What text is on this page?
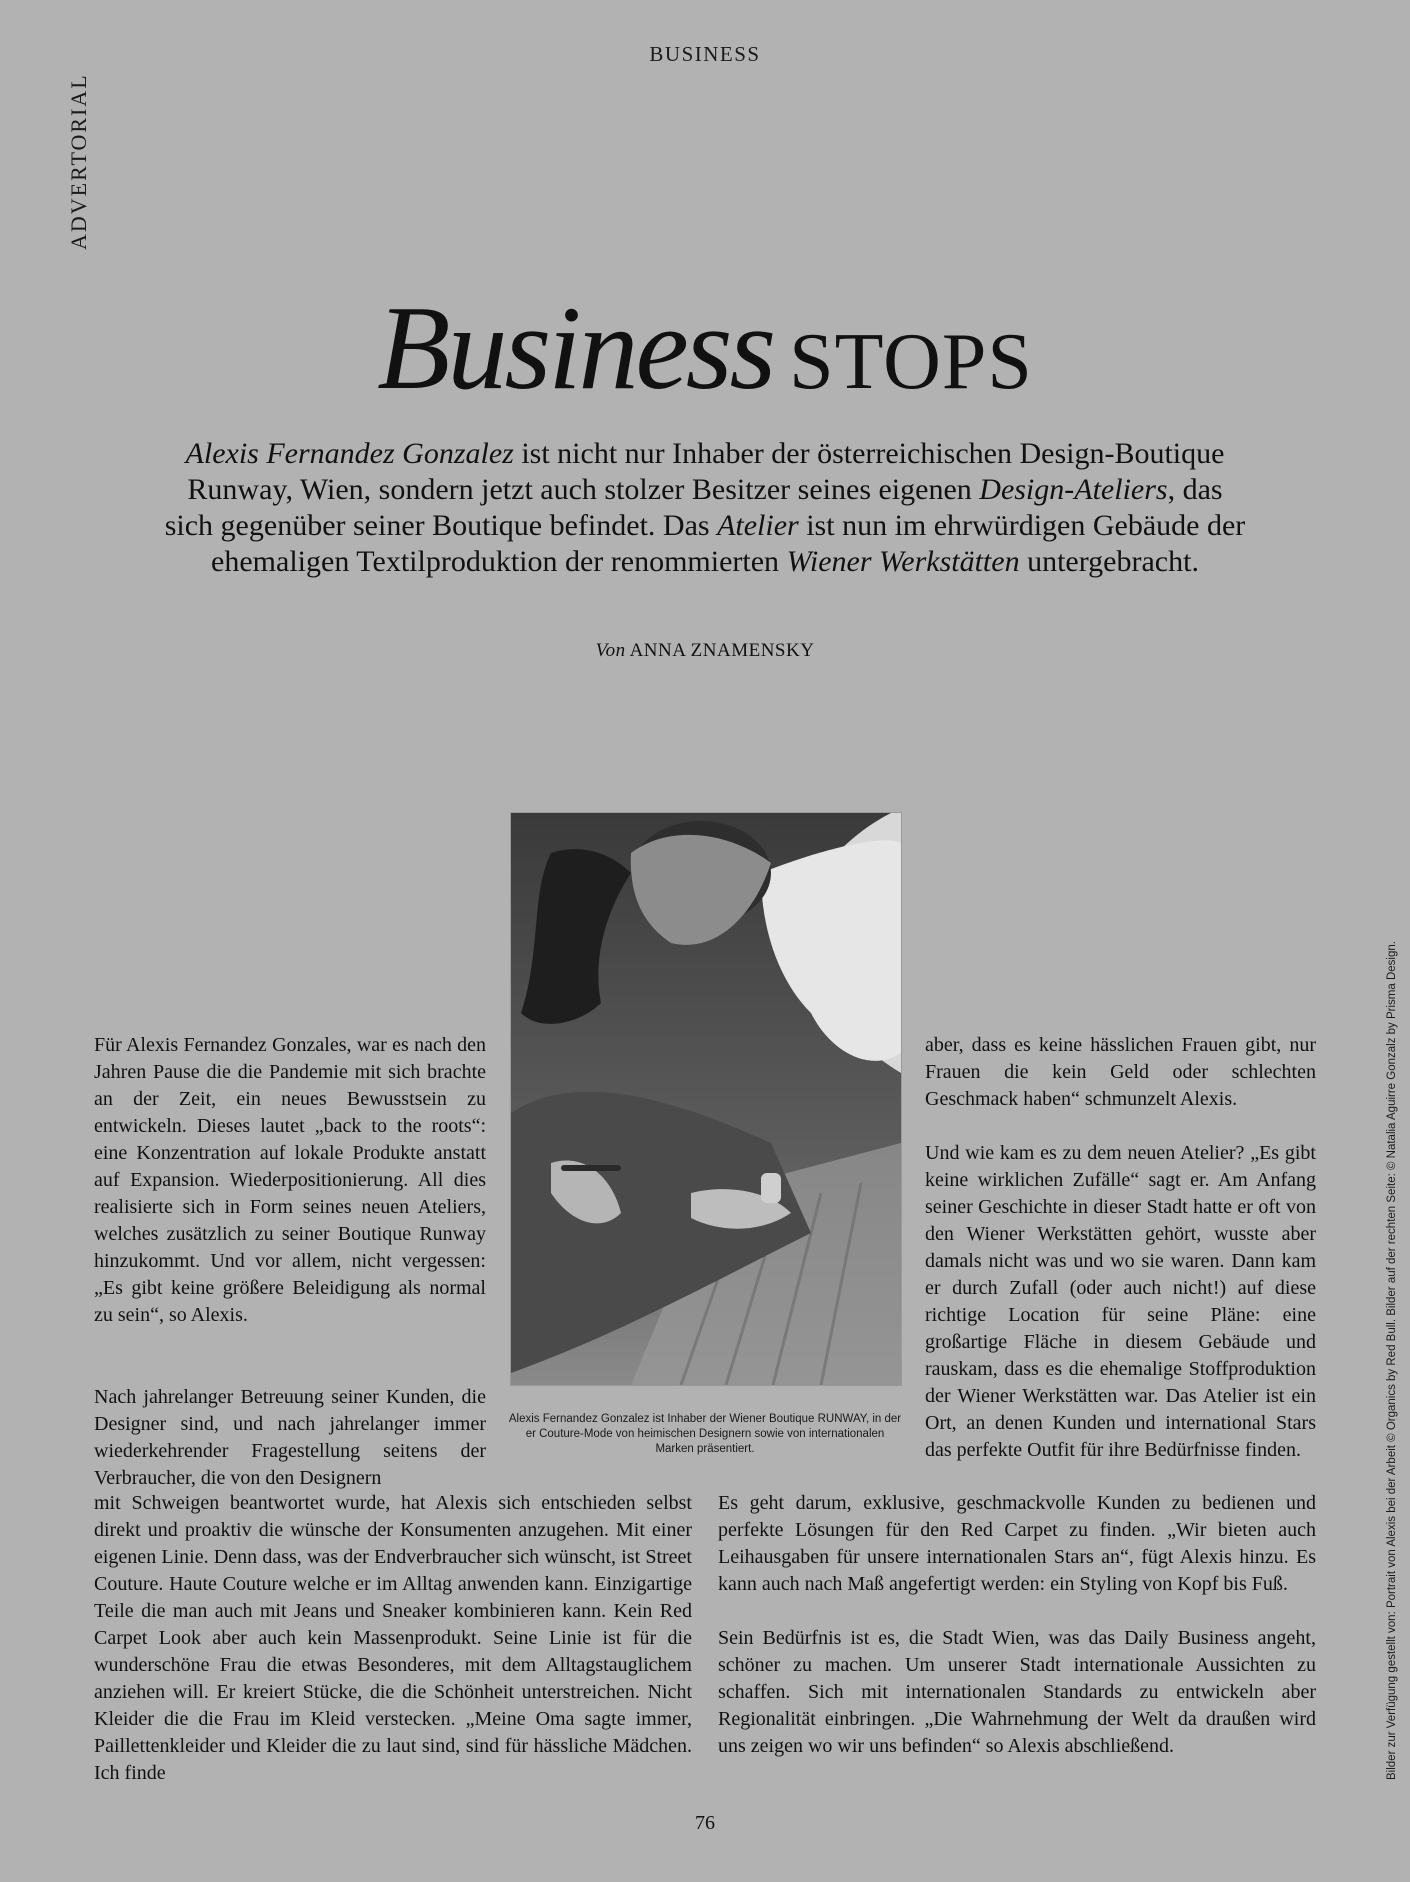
BUSINESS
ADVERTORIAL
Business STOPS
Alexis Fernandez Gonzalez ist nicht nur Inhaber der österreichischen Design-Boutique Runway, Wien, sondern jetzt auch stolzer Besitzer seines eigenen Design-Ateliers, das sich gegenüber seiner Boutique befindet. Das Atelier ist nun im ehrwürdigen Gebäude der ehemaligen Textilproduktion der renommierten Wiener Werkstätten untergebracht.
Von ANNA ZNAMENSKY
Alexis Fernandez Gonzalez ist Inhaber der Wiener Boutique RUNWAY, in der er Couture-Mode von heimischen Designern sowie von internationalen Marken präsentiert.

Für Alexis Fernandez Gonzales, war es nach den Jahren Pause die die Pandemie mit sich brachte an der Zeit, ein neues Bewusstsein zu entwickeln. Dieses lautet „back to the roots“: eine Konzentration auf lokale Produkte anstatt auf Expansion. Wiederpositionierung. All dies realisierte sich in Form seines neuen Ateliers, welches zusätzlich zu seiner Boutique Runway hinzukommt. Und vor allem, nicht vergessen: „Es gibt keine größere Beleidigung als normal zu sein“, so Alexis.

Nach jahrelanger Betreuung seiner Kunden, die Designer sind, und nach jahrelanger immer wiederkehrender Fragestellung seitens der Verbraucher, die von den Designern

mit Schweigen beantwortet wurde, hat Alexis sich entschieden selbst direkt und proaktiv die wünsche der Konsumenten anzugehen. Mit einer eigenen Linie. Denn dass, was der Endverbraucher sich wünscht, ist Street Couture. Haute Couture welche er im Alltag anwenden kann. Einzigartige Teile die man auch mit Jeans und Sneaker kombinieren kann. Kein Red Carpet Look aber auch kein Massenprodukt. Seine Linie ist für die wunderschöne Frau die etwas Besonderes, mit dem Alltagstauglichem anziehen will. Er kreiert Stücke, die die Schönheit unterstreichen. Nicht Kleider die die Frau im Kleid verstecken. „Meine Oma sagte immer, Paillettenkleider und Kleider die zu laut sind, sind für hässliche Mädchen. Ich finde

aber, dass es keine hässlichen Frauen gibt, nur Frauen die kein Geld oder schlechten Geschmack haben“ schmunzelt Alexis.

Und wie kam es zu dem neuen Atelier? „Es gibt keine wirklichen Zufälle“ sagt er. Am Anfang seiner Geschichte in dieser Stadt hatte er oft von den Wiener Werkstätten gehört, wusste aber damals nicht was und wo sie waren. Dann kam er durch Zufall (oder auch nicht!) auf diese richtige Location für seine Pläne: eine großartige Fläche in diesem Gebäude und rauskam, dass es die ehemalige Stoffproduktion der Wiener Werkstätten war. Das Atelier ist ein Ort, an denen Kunden und international Stars das perfekte Outfit für ihre Bedürfnisse finden.

Es geht darum, exklusive, geschmackvolle Kunden zu bedienen und perfekte Lösungen für den Red Carpet zu finden. „Wir bieten auch Leihausgaben für unsere internationalen Stars an“, fügt Alexis hinzu. Es kann auch nach Maß angefertigt werden: ein Styling von Kopf bis Fuß.

Sein Bedürfnis ist es, die Stadt Wien, was das Daily Business angeht, schöner zu machen. Um unserer Stadt internationale Aussichten zu schaffen. Sich mit internationalen Standards zu entwickeln aber Regionalität einbringen. „Die Wahrnehmung der Welt da draußen wird uns zeigen wo wir uns befinden“ so Alexis abschließend.	Bilder zur Verfügung gestellt von: Portrait von Alexis bei der Arbeit © Organics by Red Bull. Bilder auf der rechten Seite: © Natalia Aguirre Gonzalz by Prisma Design.
76
